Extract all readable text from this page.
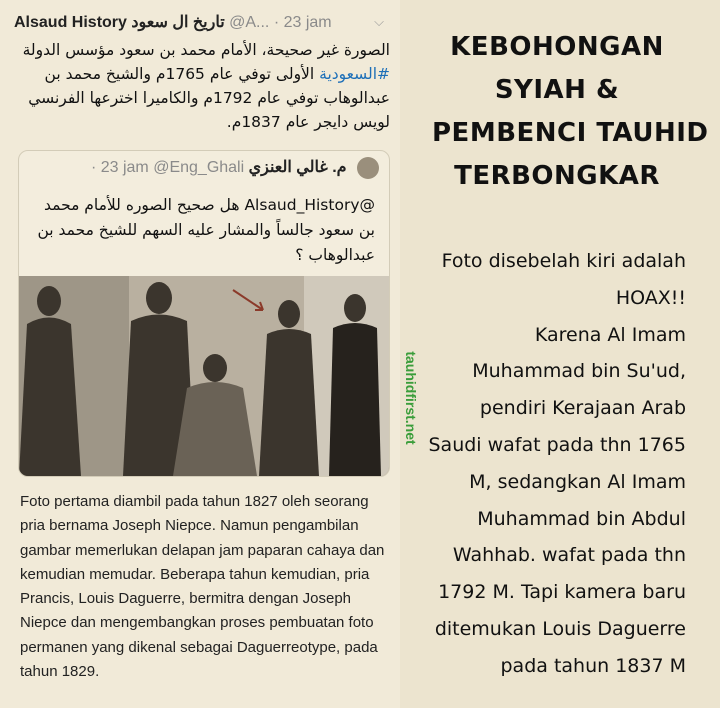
Alsaud History تاريخ ال سعود @A... · 23 jam	⌵
الصورة غير صحيحة، الأمام محمد بن سعود مؤسس الدولة #السعودية الأولى توفي عام 1765م والشيخ محمد بن عبدالوهاب توفي عام 1792م والكاميرا اخترعها الفرنسي لويس دايجر عام 1837م.
· 23 jam @Eng_Ghali م. غالي العنزي
@Alsaud_History هل صحيح الصوره للأمام محمد بن سعود جالساً والمشار عليه السهم للشيخ محمد بن عبدالوهاب ؟
Foto pertama diambil pada tahun 1827 oleh seorang pria bernama Joseph Niepce. Namun pengambilan gambar memerlukan delapan jam paparan cahaya dan kemudian memudar. Beberapa tahun kemudian, pria Prancis, Louis Daguerre, bermitra dengan Joseph Niepce dan mengembangkan proses pembuatan foto permanen yang dikenal sebagai Daguerreotype, pada tahun 1829.
tauhidfirst.net
KEBOHONGAN
SYIAH &
PEMBENCI TAUHID
TERBONGKAR
Foto disebelah kiri adalah
HOAX!!
Karena Al Imam
Muhammad bin Su'ud,
pendiri Kerajaan Arab
Saudi wafat pada thn 1765
M, sedangkan Al Imam
Muhammad bin Abdul
Wahhab. wafat pada thn
1792 M. Tapi kamera baru
ditemukan Louis Daguerre
pada tahun 1837 M
